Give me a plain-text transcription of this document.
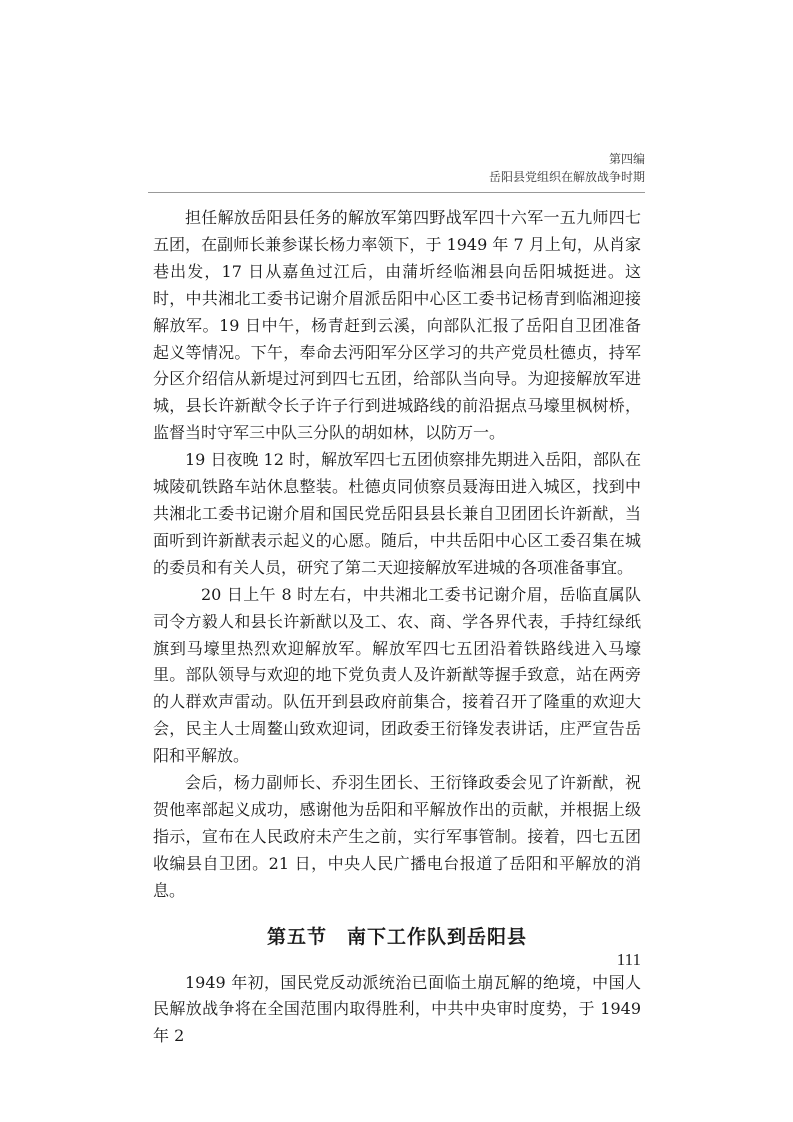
第四编
岳阳县党组织在解放战争时期

担任解放岳阳县任务的解放军第四野战军四十六军一五九师四七五团，在副师长兼参谋长杨力率领下，于 1949 年 7 月上旬，从肖家巷出发，17 日从嘉鱼过江后，由蒲圻经临湘县向岳阳城挺进。这时，中共湘北工委书记谢介眉派岳阳中心区工委书记杨青到临湘迎接解放军。19 日中午，杨青赶到云溪，向部队汇报了岳阳自卫团准备起义等情况。下午，奉命去沔阳军分区学习的共产党员杜德贞，持军分区介绍信从新堤过河到四七五团，给部队当向导。为迎接解放军进城，县长许新猷令长子许子行到进城路线的前沿据点马壕里枫树桥，监督当时守军三中队三分队的胡如林，以防万一。

19 日夜晚 12 时，解放军四七五团侦察排先期进入岳阳，部队在城陵矶铁路车站休息整装。杜德贞同侦察员聂海田进入城区，找到中共湘北工委书记谢介眉和国民党岳阳县县长兼自卫团团长许新猷，当面听到许新猷表示起义的心愿。随后，中共岳阳中心区工委召集在城的委员和有关人员，研究了第二天迎接解放军进城的各项准备事宜。

20 日上午 8 时左右，中共湘北工委书记谢介眉，岳临直属队司令方毅人和县长许新猷以及工、农、商、学各界代表，手持红绿纸旗到马壕里热烈欢迎解放军。解放军四七五团沿着铁路线进入马壕里。部队领导与欢迎的地下党负责人及许新猷等握手致意，站在两旁的人群欢声雷动。队伍开到县政府前集合，接着召开了隆重的欢迎大会，民主人士周鳌山致欢迎词，团政委王衍锋发表讲话，庄严宣告岳阳和平解放。

会后，杨力副师长、乔羽生团长、王衍锋政委会见了许新猷，祝贺他率部起义成功，感谢他为岳阳和平解放作出的贡献，并根据上级指示，宣布在人民政府未产生之前，实行军事管制。接着，四七五团收编县自卫团。21 日，中央人民广播电台报道了岳阳和平解放的消息。

第五节　南下工作队到岳阳县

1949 年初，国民党反动派统治已面临土崩瓦解的绝境，中国人民解放战争将在全国范围内取得胜利，中共中央审时度势，于 1949 年 2

111
